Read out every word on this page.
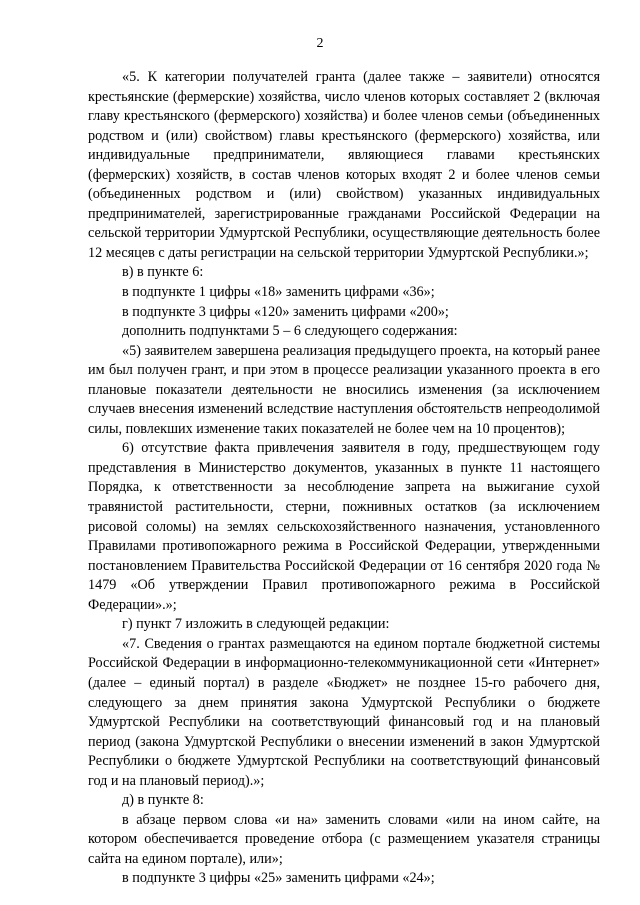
2

«5. К категории получателей гранта (далее также – заявители) относятся крестьянские (фермерские) хозяйства, число членов которых составляет 2 (включая главу крестьянского (фермерского) хозяйства) и более членов семьи (объединенных родством и (или) свойством) главы крестьянского (фермерского) хозяйства, или индивидуальные предприниматели, являющиеся главами крестьянских (фермерских) хозяйств, в состав членов которых входят 2 и более членов семьи (объединенных родством и (или) свойством) указанных индивидуальных предпринимателей, зарегистрированные гражданами Российской Федерации на сельской территории Удмуртской Республики, осуществляющие деятельность более 12 месяцев с даты регистрации на сельской территории Удмуртской Республики.»;

в) в пункте 6:

в подпункте 1 цифры «18» заменить цифрами «36»;

в подпункте 3 цифры «120» заменить цифрами «200»;

дополнить подпунктами 5 – 6 следующего содержания:

«5) заявителем завершена реализация предыдущего проекта, на который ранее им был получен грант, и при этом в процессе реализации указанного проекта в его плановые показатели деятельности не вносились изменения (за исключением случаев внесения изменений вследствие наступления обстоятельств непреодолимой силы, повлекших изменение таких показателей не более чем на 10 процентов);

6) отсутствие факта привлечения заявителя в году, предшествующем году представления в Министерство документов, указанных в пункте 11 настоящего Порядка, к ответственности за несоблюдение запрета на выжигание сухой травянистой растительности, стерни, пожнивных остатков (за исключением рисовой соломы) на землях сельскохозяйственного назначения, установленного Правилами противопожарного режима в Российской Федерации, утвержденными постановлением Правительства Российской Федерации от 16 сентября 2020 года № 1479 «Об утверждении Правил противопожарного режима в Российской Федерации».»;

г) пункт 7 изложить в следующей редакции:

«7. Сведения о грантах размещаются на едином портале бюджетной системы Российской Федерации в информационно-телекоммуникационной сети «Интернет» (далее – единый портал) в разделе «Бюджет» не позднее 15-го рабочего дня, следующего за днем принятия закона Удмуртской Республики о бюджете Удмуртской Республики на соответствующий финансовый год и на плановый период (закона Удмуртской Республики о внесении изменений в закон Удмуртской Республики о бюджете Удмуртской Республики на соответствующий финансовый год и на плановый период).»;

д) в пункте 8:

в абзаце первом слова «и на» заменить словами «или на ином сайте, на котором обеспечивается проведение отбора (с размещением указателя страницы сайта на едином портале), или»;

в подпункте 3 цифры «25» заменить цифрами «24»;
